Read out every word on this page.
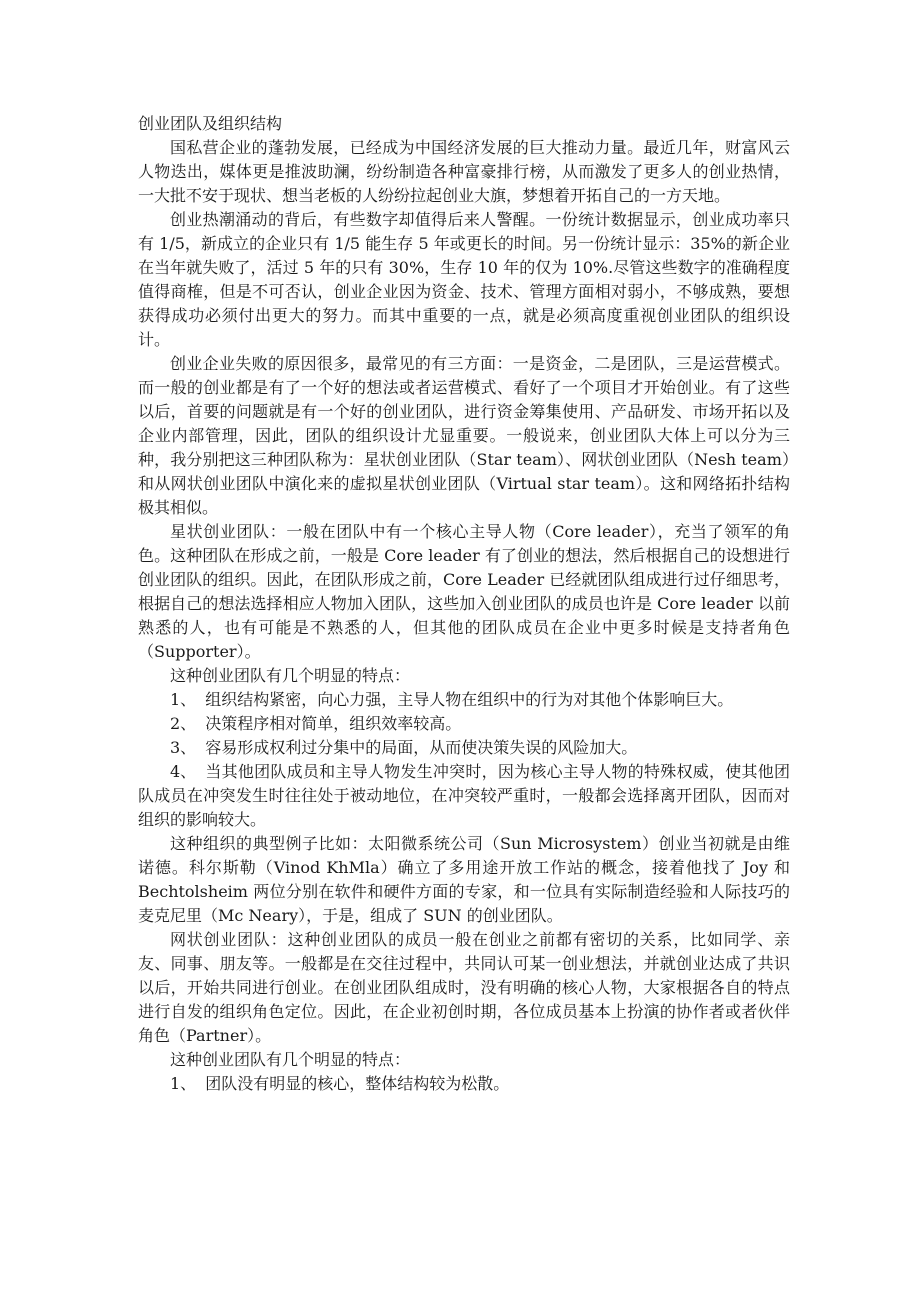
创业团队及组织结构

国私营企业的蓬勃发展，已经成为中国经济发展的巨大推动力量。最近几年，财富风云人物迭出，媒体更是推波助澜，纷纷制造各种富豪排行榜，从而激发了更多人的创业热情，一大批不安于现状、想当老板的人纷纷拉起创业大旗，梦想着开拓自己的一方天地。

创业热潮涌动的背后，有些数字却值得后来人警醒。一份统计数据显示，创业成功率只有 1/5，新成立的企业只有 1/5 能生存 5 年或更长的时间。另一份统计显示：35%的新企业在当年就失败了，活过 5 年的只有 30%，生存 10 年的仅为 10%.尽管这些数字的准确程度值得商榷，但是不可否认，创业企业因为资金、技术、管理方面相对弱小，不够成熟，要想获得成功必须付出更大的努力。而其中重要的一点，就是必须高度重视创业团队的组织设计。

创业企业失败的原因很多，最常见的有三方面：一是资金，二是团队，三是运营模式。而一般的创业都是有了一个好的想法或者运营模式、看好了一个项目才开始创业。有了这些以后，首要的问题就是有一个好的创业团队，进行资金筹集使用、产品研发、市场开拓以及企业内部管理，因此，团队的组织设计尤显重要。一般说来，创业团队大体上可以分为三种，我分别把这三种团队称为：星状创业团队（Star team）、网状创业团队（Nesh team）和从网状创业团队中演化来的虚拟星状创业团队（Virtual star team）。这和网络拓扑结构极其相似。

星状创业团队：一般在团队中有一个核心主导人物（Core leader），充当了领军的角色。这种团队在形成之前，一般是 Core leader 有了创业的想法，然后根据自己的设想进行创业团队的组织。因此，在团队形成之前，Core Leader 已经就团队组成进行过仔细思考，根据自己的想法选择相应人物加入团队，这些加入创业团队的成员也许是 Core leader 以前熟悉的人，也有可能是不熟悉的人，但其他的团队成员在企业中更多时候是支持者角色（Supporter）。

这种创业团队有几个明显的特点：

1、 组织结构紧密，向心力强，主导人物在组织中的行为对其他个体影响巨大。

2、 决策程序相对简单，组织效率较高。

3、 容易形成权利过分集中的局面，从而使决策失误的风险加大。

4、 当其他团队成员和主导人物发生冲突时，因为核心主导人物的特殊权威，使其他团队成员在冲突发生时往往处于被动地位，在冲突较严重时，一般都会选择离开团队，因而对组织的影响较大。

这种组织的典型例子比如：太阳微系统公司（Sun Microsystem）创业当初就是由维诺德。科尔斯勒（Vinod KhMla）确立了多用途开放工作站的概念，接着他找了 Joy 和 Bechtolsheim 两位分别在软件和硬件方面的专家，和一位具有实际制造经验和人际技巧的麦克尼里（Mc Neary），于是，组成了 SUN 的创业团队。

网状创业团队：这种创业团队的成员一般在创业之前都有密切的关系，比如同学、亲友、同事、朋友等。一般都是在交往过程中，共同认可某一创业想法，并就创业达成了共识以后，开始共同进行创业。在创业团队组成时，没有明确的核心人物，大家根据各自的特点进行自发的组织角色定位。因此，在企业初创时期，各位成员基本上扮演的协作者或者伙伴角色（Partner）。

这种创业团队有几个明显的特点：

1、 团队没有明显的核心，整体结构较为松散。
